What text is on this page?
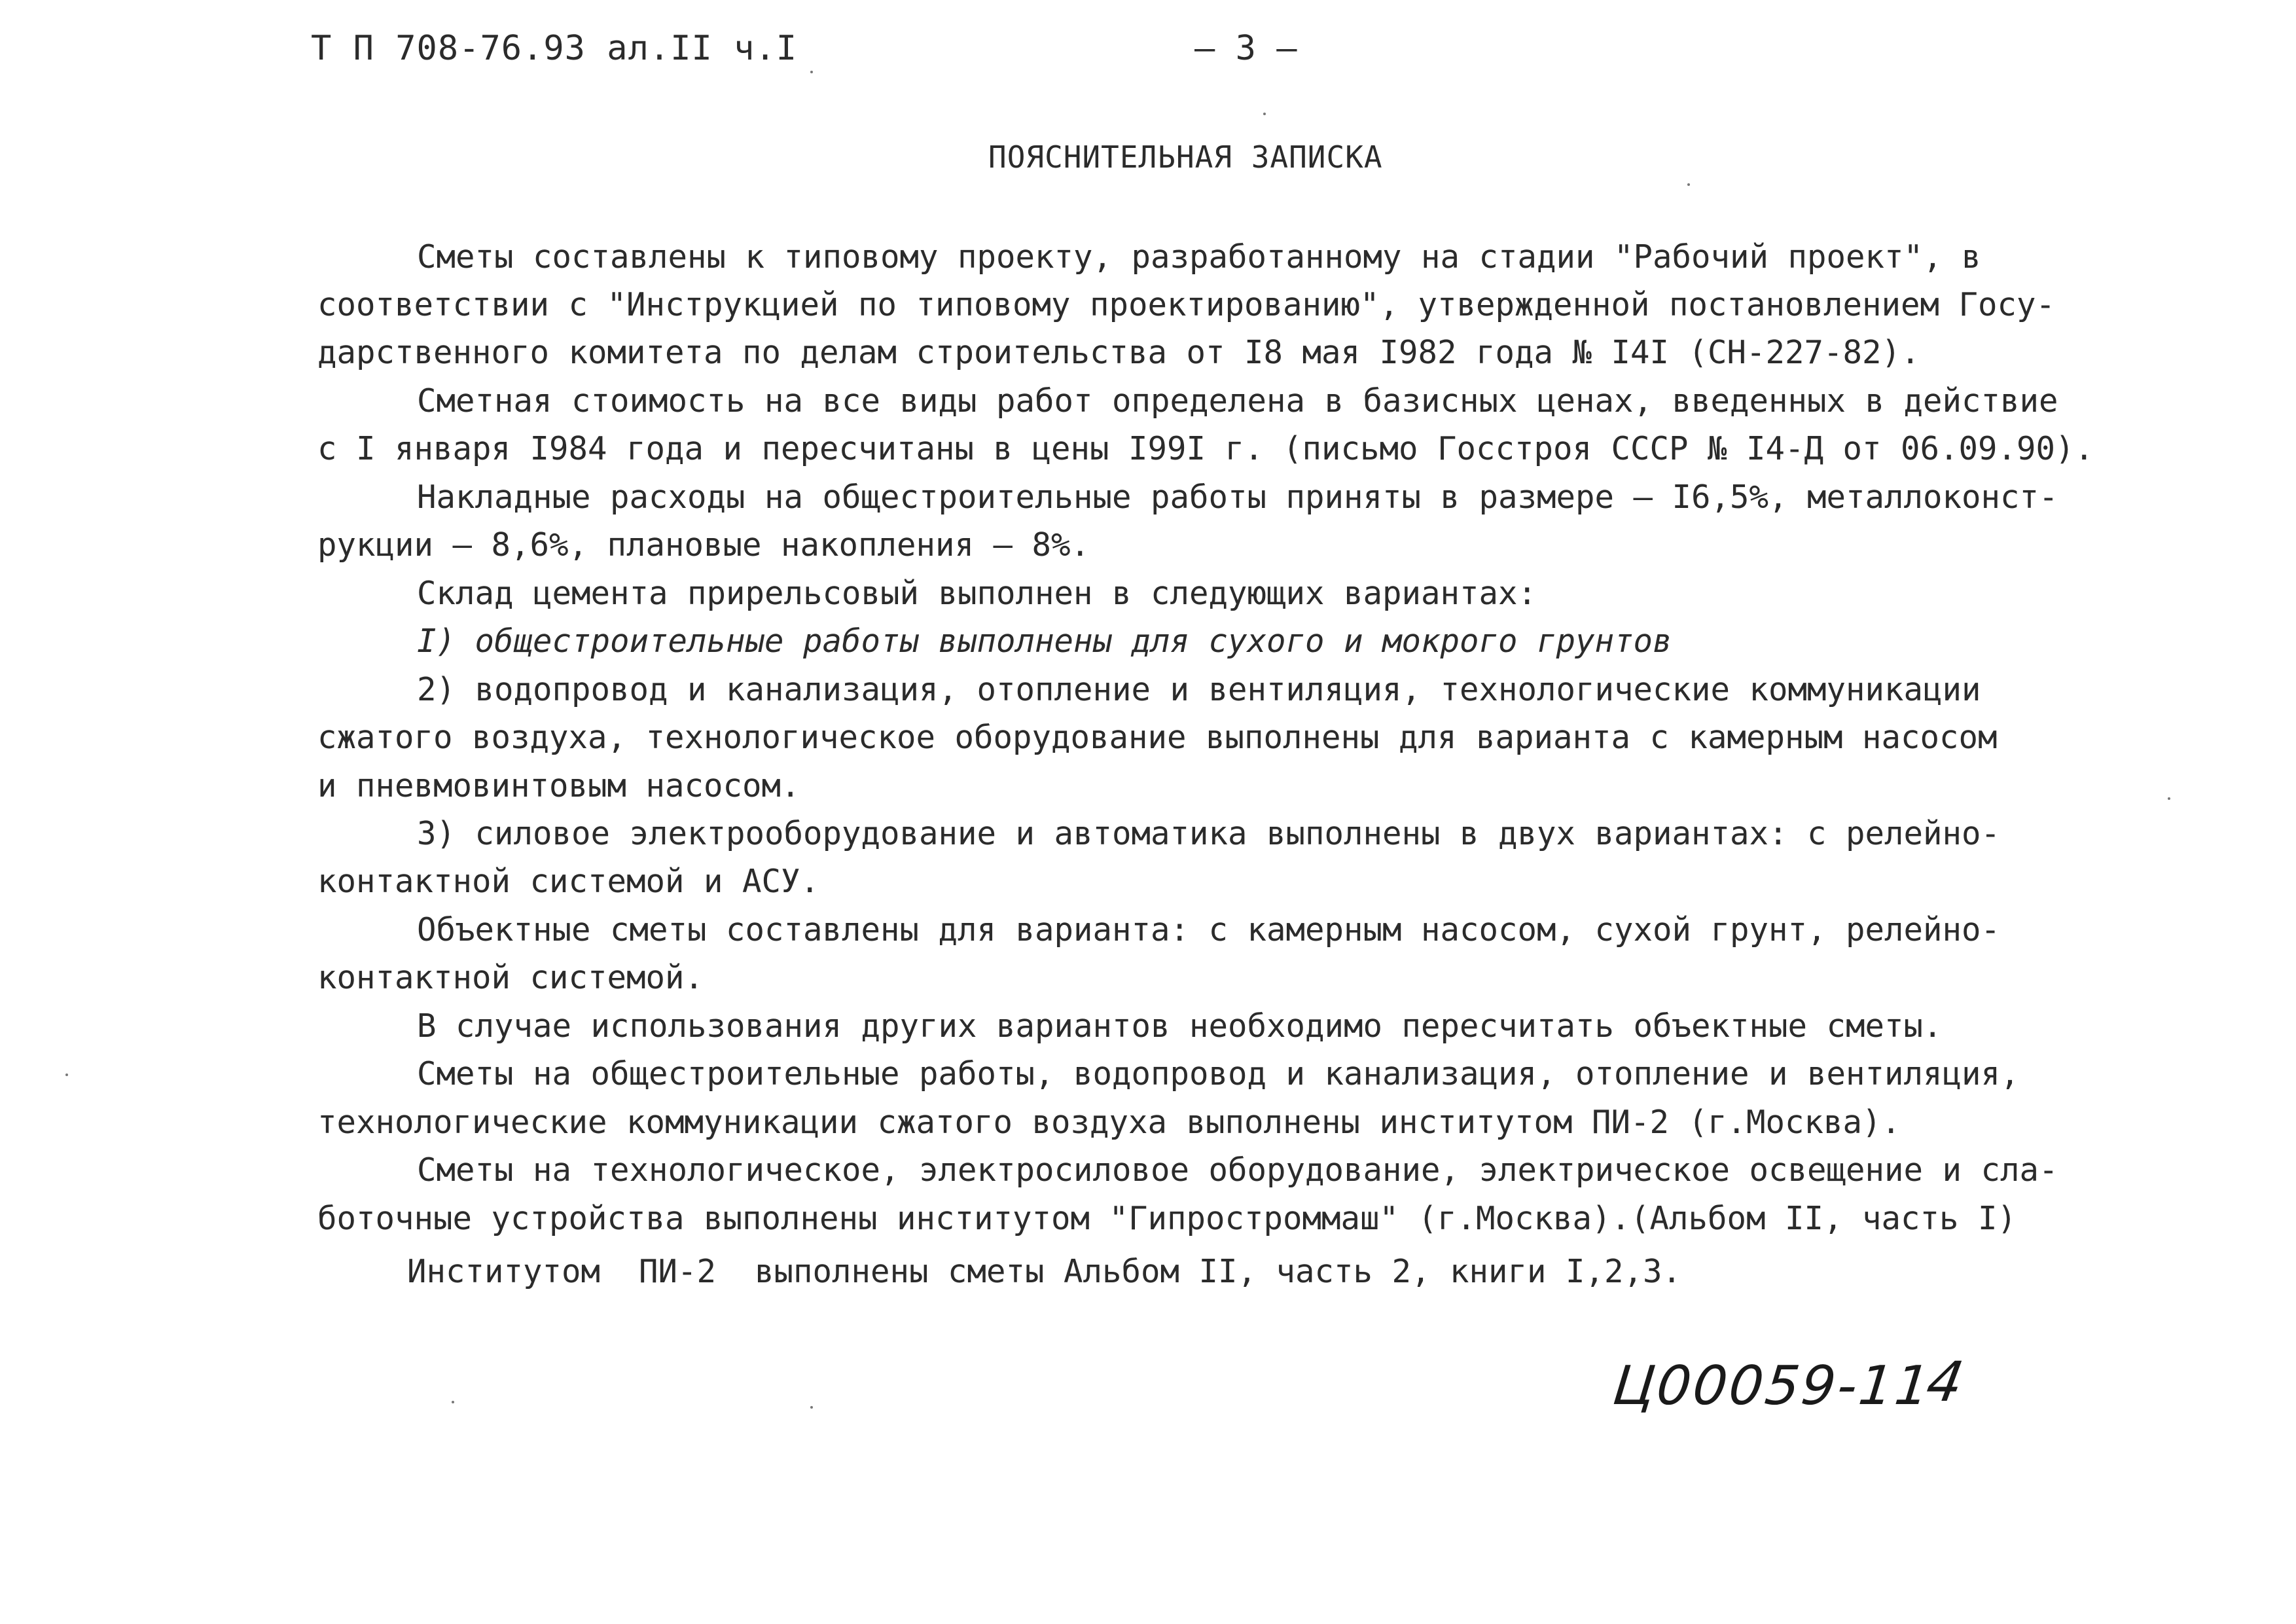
Т П 708-76.93 ал.II ч.I	– 3 –
ПОЯСНИТЕЛЬНАЯ ЗАПИСКА
Сметы составлены к типовому проекту, разработанному на стадии "Рабочий проект", в
соответствии с "Инструкцией по типовому проектированию", утвержденной постановлением Госу-
дарственного комитета по делам строительства от I8 мая I982 года № I4I (СН-227-82).
Сметная стоимость на все виды работ определена в базисных ценах, введенных в действие
с I января I984 года и пересчитаны в цены I99I г. (письмо Госстроя СССР № I4-Д от 06.09.90).
Накладные расходы на общестроительные работы приняты в размере – I6,5%, металлоконст-
рукции – 8,6%, плановые накопления – 8%.
Склад цемента прирельсовый выполнен в следующих вариантах:
I) общестроительные работы выполнены для сухого и мокрого грунтов
2) водопровод и канализация, отопление и вентиляция, технологические коммуникации
сжатого воздуха, технологическое оборудование выполнены для варианта с камерным насосом
и пневмовинтовым насосом.
3) силовое электрооборудование и автоматика выполнены в двух вариантах: с релейно-
контактной системой и АСУ.
Объектные сметы составлены для варианта: с камерным насосом, сухой грунт, релейно-
контактной системой.
В случае использования других вариантов необходимо пересчитать объектные сметы.
Сметы на общестроительные работы, водопровод и канализация, отопление и вентиляция,
технологические коммуникации сжатого воздуха выполнены институтом ПИ-2 (г.Москва).
Сметы на технологическое, электросиловое оборудование, электрическое освещение и сла-
боточные устройства выполнены институтом "Гипростроммаш" (г.Москва).(Альбом II, часть I)
Институтом  ПИ-2  выполнены сметы Альбом II, часть 2, книги I,2,3.
Ц00059-11
4
